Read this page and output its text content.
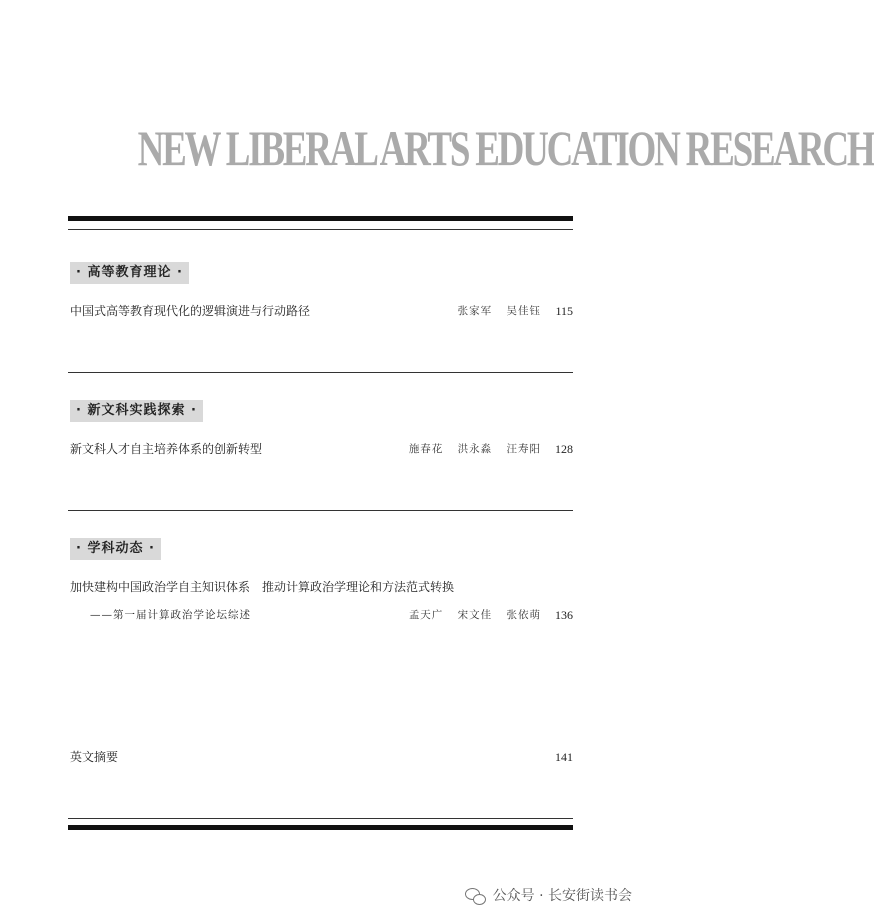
NEW LIBERAL ARTS EDUCATION RESEARCH
· 高等教育理论 ·
中国式高等教育现代化的逻辑演进与行动路径	张家军 吴佳钰 115
· 新文科实践探索 ·
新文科人才自主培养体系的创新转型	施春花 洪永淼 汪寿阳 128
· 学科动态 ·
加快建构中国政治学自主知识体系　推动计算政治学理论和方法范式转换
——第一届计算政治学论坛综述	孟天广 宋文佳 张依萌 136
英文摘要	141
公众号 · 长安街读书会
